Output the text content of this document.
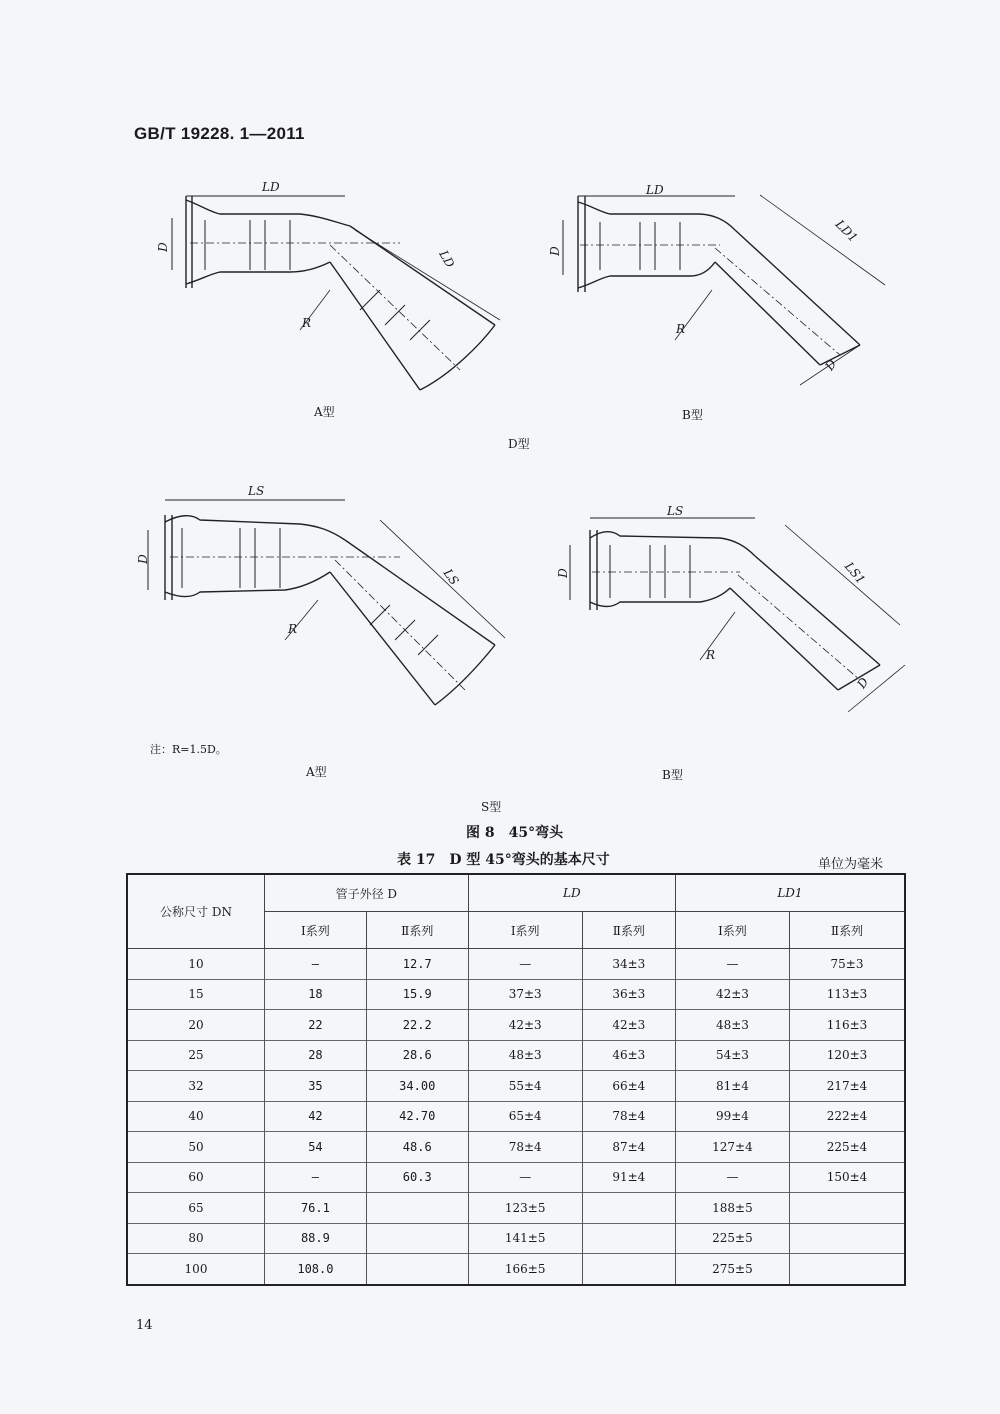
GB/T 19228. 1—2011
LD
LD
LD
LD1
LS
LS
LS
LS1
D	D
D
D
D
D
R	R
R
R
A型	B型
D型
注：R=1.5D。
A型	B型
S型
图 8　45°弯头
表 17　D 型 45°弯头的基本尺寸	单位为毫米
公称尺寸 DN	管子外径 D		LD		LD1	
	Ⅰ系列	Ⅱ系列	Ⅰ系列	Ⅱ系列	Ⅰ系列	Ⅱ系列
10	—	12.7	—	34±3	—	75±3
15	18	15.9	37±3	36±3	42±3	113±3
20	22	22.2	42±3	42±3	48±3	116±3
25	28	28.6	48±3	46±3	54±3	120±3
32	35	34.00	55±4	66±4	81±4	217±4
40	42	42.70	65±4	78±4	99±4	222±4
50	54	48.6	78±4	87±4	127±4	225±4
60	—	60.3	—	91±4	—	150±4
65	76.1		123±5		188±5	
80	88.9		141±5		225±5	
100	108.0		166±5		275±5	
14
